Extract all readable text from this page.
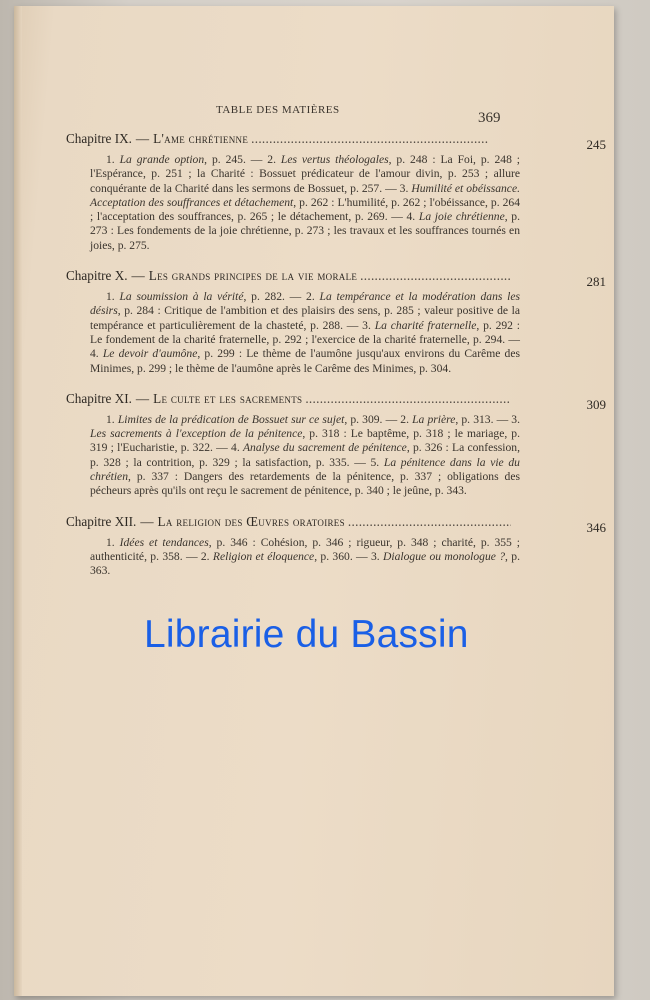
TABLE DES MATIÈRES	369
Chapitre IX. — L'ame chrétienne . . .	245

1. La grande option, p. 245. — 2. Les vertus théologales, p. 248 : La Foi, p. 248 ; l'Espérance, p. 251 ; la Charité : Bossuet prédicateur de l'amour divin, p. 253 ; allure conquérante de la Charité dans les sermons de Bossuet, p. 257. — 3. Humilité et obéissance. Acceptation des souffrances et détachement, p. 262 : L'humilité, p. 262 ; l'obéissance, p. 264 ; l'acceptation des souffrances, p. 265 ; le détachement, p. 269. — 4. La joie chrétienne, p. 273 : Les fondements de la joie chrétienne, p. 273 ; les travaux et les souffrances tournés en joies, p. 275.

Chapitre X. — Les grands principes de la vie morale . . .	281

1. La soumission à la vérité, p. 282. — 2. La tempérance et la modération dans les désirs, p. 284 : Critique de l'ambition et des plaisirs des sens, p. 285 ; valeur positive de la tempérance et particulièrement de la chasteté, p. 288. — 3. La charité fraternelle, p. 292 : Le fondement de la charité fraternelle, p. 292 ; l'exercice de la charité fraternelle, p. 294. — 4. Le devoir d'aumône, p. 299 : Le thème de l'aumône jusqu'aux environs du Carême des Minimes, p. 299 ; le thème de l'aumône après le Carême des Minimes, p. 304.

Chapitre XI. — Le culte et les sacrements . . .	309

1. Limites de la prédication de Bossuet sur ce sujet, p. 309. — 2. La prière, p. 313. — 3. Les sacrements à l'exception de la pénitence, p. 318 : Le baptême, p. 318 ; le mariage, p. 319 ; l'Eucharistie, p. 322. — 4. Analyse du sacrement de pénitence, p. 326 : La confession, p. 328 ; la contrition, p. 329 ; la satisfaction, p. 335. — 5. La pénitence dans la vie du chrétien, p. 337 : Dangers des retardements de la pénitence, p. 337 ; obligations des pécheurs après qu'ils ont reçu le sacrement de pénitence, p. 340 ; le jeûne, p. 343.

Chapitre XII. — La religion des Œuvres oratoires . . .	346

1. Idées et tendances, p. 346 : Cohésion, p. 346 ; rigueur, p. 348 ; charité, p. 355 ; authenticité, p. 358. — 2. Religion et éloquence, p. 360. — 3. Dialogue ou monologue ?, p. 363.

Librairie du Bassin
